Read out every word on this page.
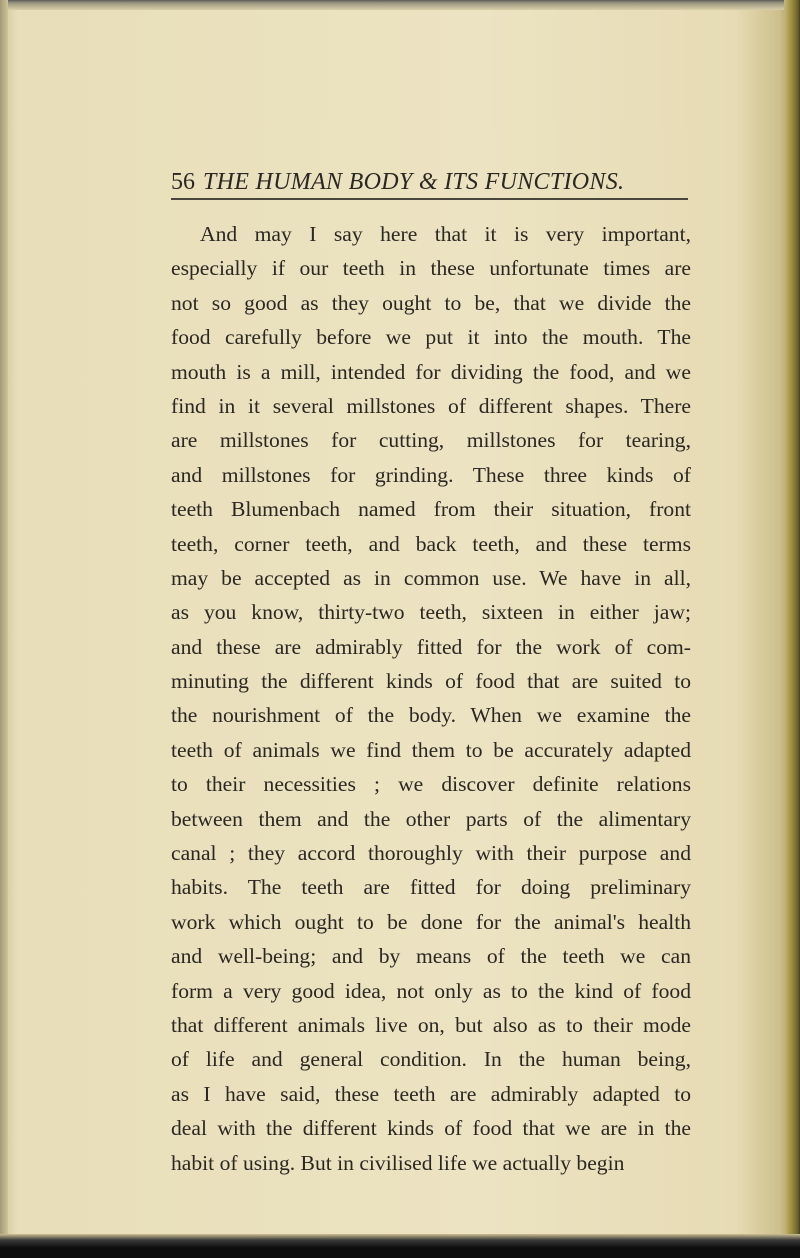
56 THE HUMAN BODY & ITS FUNCTIONS.
And may I say here that it is very important,
especially if our teeth in these unfortunate times are
not so good as they ought to be, that we divide the
food carefully before we put it into the mouth. The
mouth is a mill, intended for dividing the food, and we
find in it several millstones of different shapes. There
are millstones for cutting, millstones for tearing,
and millstones for grinding. These three kinds of
teeth Blumenbach named from their situation, front
teeth, corner teeth, and back teeth, and these terms
may be accepted as in common use. We have in all,
as you know, thirty-two teeth, sixteen in either jaw;
and these are admirably fitted for the work of com-
minuting the different kinds of food that are suited to
the nourishment of the body. When we examine the
teeth of animals we find them to be accurately adapted
to their necessities ; we discover definite relations
between them and the other parts of the alimentary
canal ; they accord thoroughly with their purpose and
habits. The teeth are fitted for doing preliminary
work which ought to be done for the animal's health
and well-being; and by means of the teeth we can
form a very good idea, not only as to the kind of food
that different animals live on, but also as to their mode
of life and general condition. In the human being,
as I have said, these teeth are admirably adapted to
deal with the different kinds of food that we are in the
habit of using. But in civilised life we actually begin
